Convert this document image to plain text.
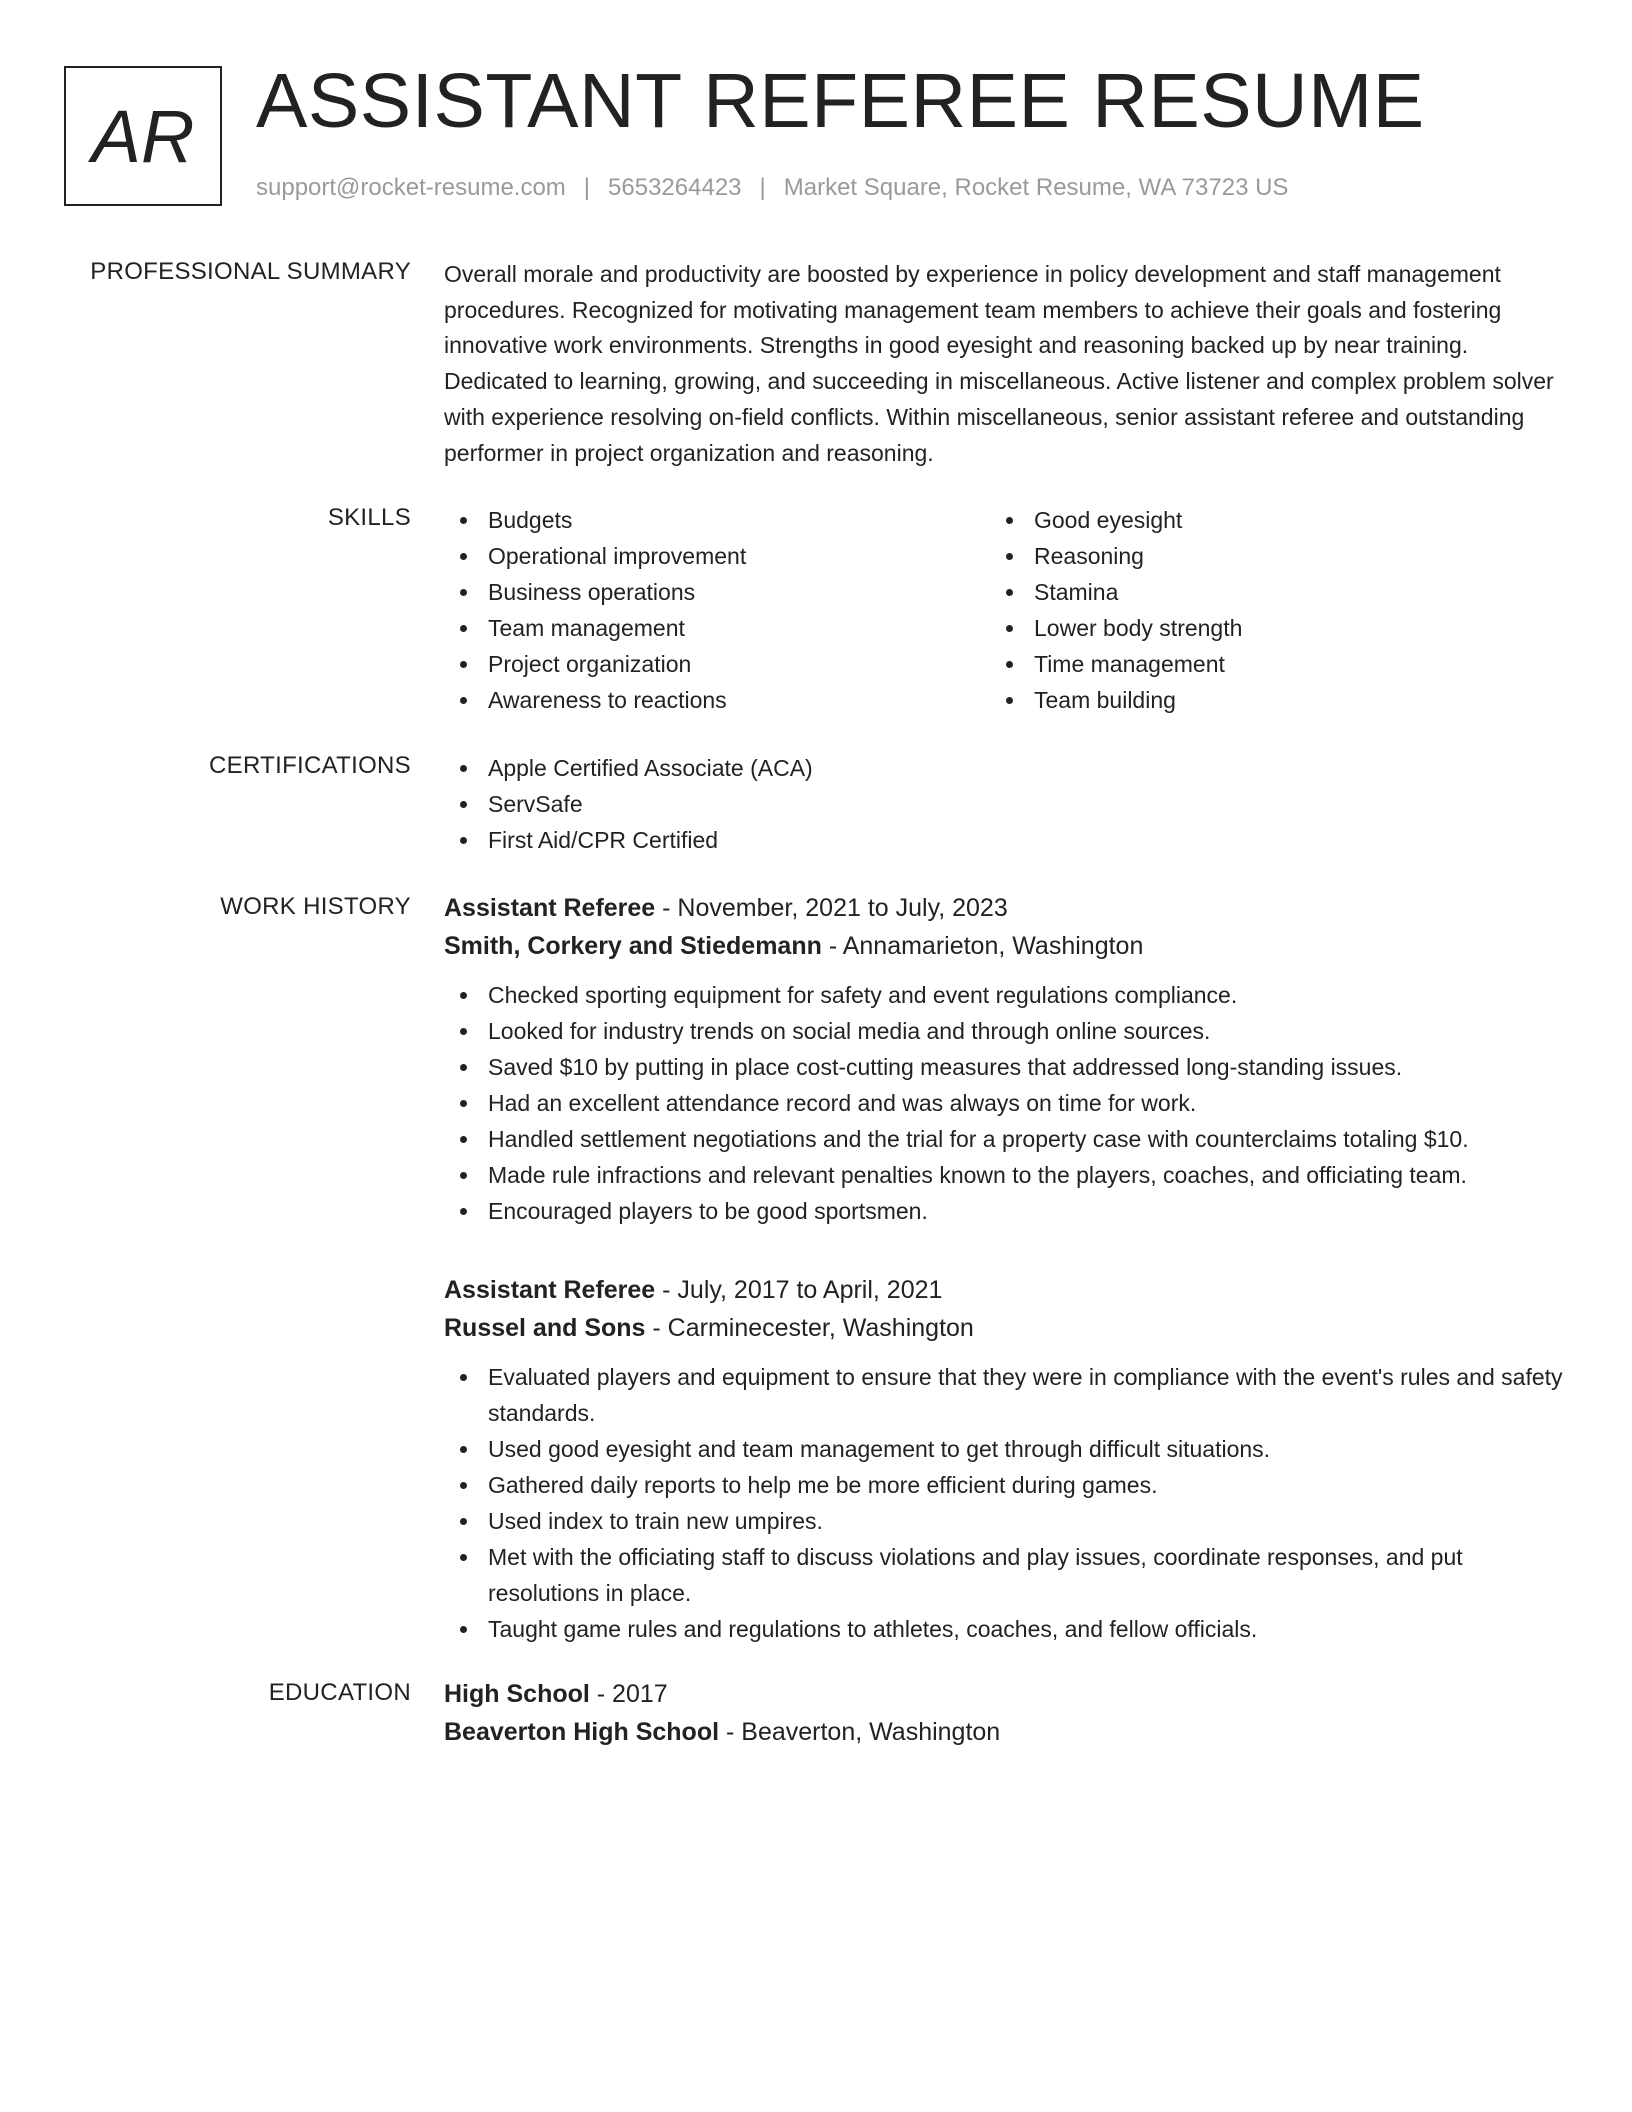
AR ASSISTANT REFEREE RESUME
support@rocket-resume.com | 5653264423 | Market Square, Rocket Resume, WA 73723 US
PROFESSIONAL SUMMARY Overall morale and productivity are boosted by experience in policy development and staff management procedures. Recognized for motivating management team members to achieve their goals and fostering innovative work environments. Strengths in good eyesight and reasoning backed up by near training. Dedicated to learning, growing, and succeeding in miscellaneous. Active listener and complex problem solver with experience resolving on-field conflicts. Within miscellaneous, senior assistant referee and outstanding performer in project organization and reasoning.

SKILLS	Budgets
Operational improvement
Business operations
Team management
Project organization
Awareness to reactions
Good eyesight
Reasoning
Stamina
Lower body strength
Time management
Team building
CERTIFICATIONS	Apple Certified Associate (ACA)
ServSafe
First Aid/CPR Certified
WORK HISTORY Assistant Referee - November, 2021 to July, 2023
Smith, Corkery and Stiedemann - Annamarieton, Washington
Checked sporting equipment for safety and event regulations compliance.
Looked for industry trends on social media and through online sources.
Saved $10 by putting in place cost-cutting measures that addressed long-standing issues.
Had an excellent attendance record and was always on time for work.
Handled settlement negotiations and the trial for a property case with counterclaims totaling $10.
Made rule infractions and relevant penalties known to the players, coaches, and officiating team.
Encouraged players to be good sportsmen.
Assistant Referee - July, 2017 to April, 2021
Russel and Sons - Carminecester, Washington
Evaluated players and equipment to ensure that they were in compliance with the event's rules and safety standards.
Used good eyesight and team management to get through difficult situations.
Gathered daily reports to help me be more efficient during games.
Used index to train new umpires.
Met with the officiating staff to discuss violations and play issues, coordinate responses, and put resolutions in place.
Taught game rules and regulations to athletes, coaches, and fellow officials.
EDUCATION High School - 2017
Beaverton High School - Beaverton, Washington
